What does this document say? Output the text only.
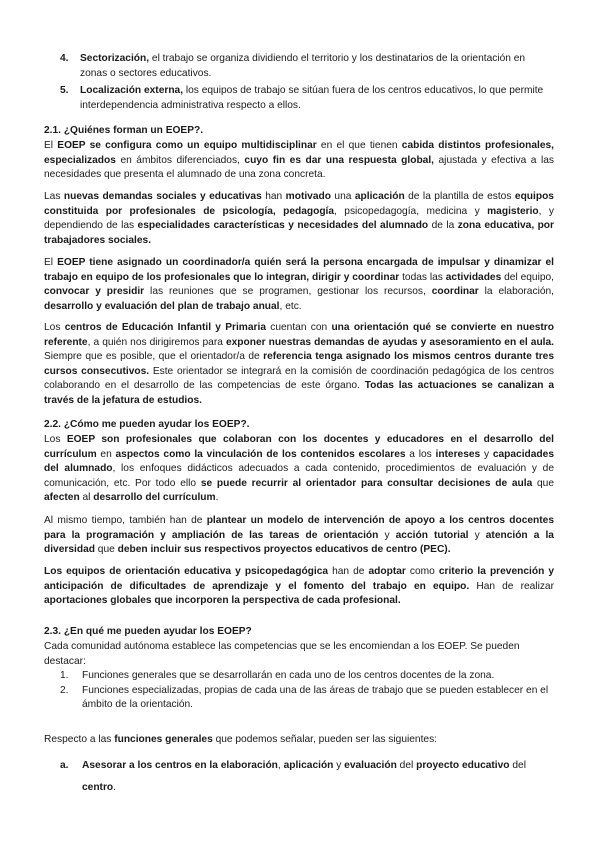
4. Sectorización, el trabajo se organiza dividiendo el territorio y los destinatarios de la orientación en zonas o sectores educativos.
5. Localización externa, los equipos de trabajo se sitúan fuera de los centros educativos, lo que permite interdependencia administrativa respecto a ellos.

2.1. ¿Quiénes forman un EOEP?.

El EOEP se configura como un equipo multidisciplinar en el que tienen cabida distintos profesionales, especializados en ámbitos diferenciados, cuyo fin es dar una respuesta global, ajustada y efectiva a las necesidades que presenta el alumnado de una zona concreta.

Las nuevas demandas sociales y educativas han motivado una aplicación de la plantilla de estos equipos constituida por profesionales de psicología, pedagogía, psicopedagogía, medicina y magisterio, y dependiendo de las especialidades características y necesidades del alumnado de la zona educativa, por trabajadores sociales.

El EOEP tiene asignado un coordinador/a quién será la persona encargada de impulsar y dinamizar el trabajo en equipo de los profesionales que lo integran, dirigir y coordinar todas las actividades del equipo, convocar y presidir las reuniones que se programen, gestionar los recursos, coordinar la elaboración, desarrollo y evaluación del plan de trabajo anual, etc.

Los centros de Educación Infantil y Primaria cuentan con una orientación qué se convierte en nuestro referente, a quién nos dirigiremos para exponer nuestras demandas de ayudas y asesoramiento en el aula. Siempre que es posible, que el orientador/a de referencia tenga asignado los mismos centros durante tres cursos consecutivos. Este orientador se integrará en la comisión de coordinación pedagógica de los centros colaborando en el desarrollo de las competencias de este órgano. Todas las actuaciones se canalizan a través de la jefatura de estudios.

2.2. ¿Cómo me pueden ayudar los EOEP?.

Los EOEP son profesionales que colaboran con los docentes y educadores en el desarrollo del currículum en aspectos como la vinculación de los contenidos escolares a los intereses y capacidades del alumnado, los enfoques didácticos adecuados a cada contenido, procedimientos de evaluación y de comunicación, etc. Por todo ello se puede recurrir al orientador para consultar decisiones de aula que afecten al desarrollo del currículum.

Al mismo tiempo, también han de plantear un modelo de intervención de apoyo a los centros docentes para la programación y ampliación de las tareas de orientación y acción tutorial y atención a la diversidad que deben incluir sus respectivos proyectos educativos de centro (PEC).

Los equipos de orientación educativa y psicopedagógica han de adoptar como criterio la prevención y anticipación de dificultades de aprendizaje y el fomento del trabajo en equipo. Han de realizar aportaciones globales que incorporen la perspectiva de cada profesional.

2.3. ¿En qué me pueden ayudar los EOEP?

Cada comunidad autónoma establece las competencias que se les encomiendan a los EOEP. Se pueden destacar:

1. Funciones generales que se desarrollarán en cada uno de los centros docentes de la zona.
2. Funciones especializadas, propias de cada una de las áreas de trabajo que se pueden establecer en el ámbito de la orientación.

Respecto a las funciones generales que podemos señalar, pueden ser las siguientes:

a. Asesorar a los centros en la elaboración, aplicación y evaluación del proyecto educativo del centro.
